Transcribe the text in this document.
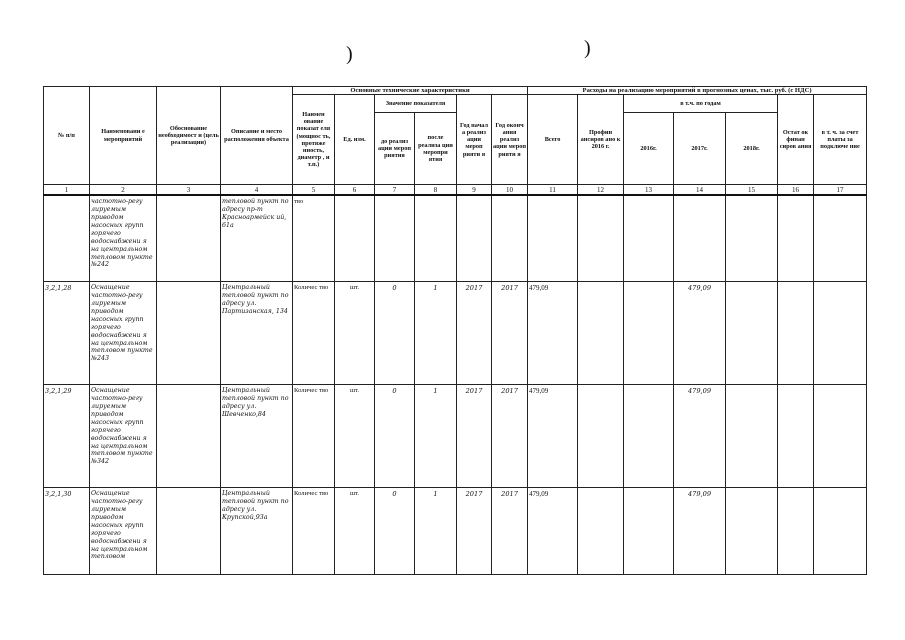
)	)
№ п/п	Наименовани е мероприятий	Обоснование необходимост и (цель реализации)	Описание и место расположения объекта	Основные технические характеристики						Расходы на реализацию мероприятий в прогнозных ценах, тыс. руб. (с НДС)						
				Наимен ование показат еля (мощнос ть, протяже нность, диаметр , и т.п.)	Ед. изм.	Значение показателя		Год начал а реализ ации мероп рияти я	Год оконч ания реализ ации мероп рияти я	Всего	Профин ансиров ано к 2016 г.	в т.ч. по годам			Остат ок финан сиров ания	в т. ч. за счет платы за подключе ние
						до реализ ации мероп риятия	после реализа ции меропри ятия					2016г.	2017г.	2018г.		
1	2	3	4	5	6	7	8	9	10	11	12	13	14	15	16	17
	частотно-регу лируемым приводом насосных групп горячего водоснабжени я на центральном тепловом пункте №242		тепловой пункт по адресу пр-т Красноармейск ий, 61а	тво												
3,2,1,28	Оснащение частотно-регу лируемым приводом насосных групп горячего водоснабжени я на центральном тепловом пункте №243		Центральный тепловой пункт по адресу ул. Партизанская, 134	Количес тво	шт.	0	1	2017	2017	479,09			479,09			
3,2,1,29	Оснащение частотно-регу лируемым приводом насосных групп горячего водоснабжени я на центральном тепловом пункте №342		Центральный тепловой пункт по адресу ул. Шевченко,84	Количес тво	шт.	0	1	2017	2017	479,09			479,09			
3,2,1,30	Оснащение частотно-регу лируемым приводом насосных групп горячего водоснабжени я на центральном тепловом		Центральный тепловой пункт по адресу ул. Крупской,93а	Количес тво	шт.	0	1	2017	2017	479,09			479,09			
